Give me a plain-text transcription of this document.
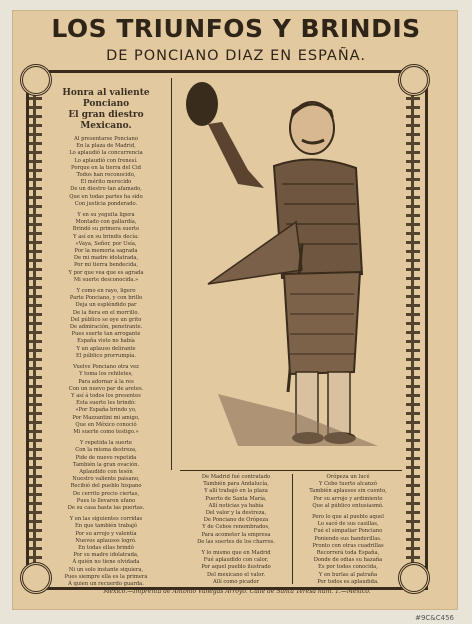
LOS TRIUNFOS Y BRINDIS
DE PONCIANO DIAZ EN ESPAÑA.

Honra al valiente Ponciano

El gran diestro Mexicano.

Al presentarse Ponciano

En la plaza de Madrid,

Lo aplaudió la concurrencia

Lo aplaudió con frenesí.

Porque en la tierra del Cid

Todos han reconocido,

El mérito merecido

De un diestro tan afamado,

Que en todas partes ha sido

Con justicia ponderado.

Y en su yeguita ligera

Montado con gallardía,

Brindó su primera suerte

Y así en su brindis decía:

«Vaya, Señor, por Usía,

Por la memoria sagrada

De mi madre idolatrada,

Por mi tierra bendecida,

Y por que vea que es agrada

Mi suerte desconocida.»

Y como en rayo, ligero

Parte Ponciano, y con brillo

Deja un espléndido par

De la fiera en el morrillo.

Del público se oye un grito

De admiración, penetrante.

Pues suerte tan arrogante

España visto no había

Y un aplauso delirante

El público prorrumpía.

Vuelve Ponciano otra vez

Y toma los rehiletes,

Para adornar á la res

Con un nuevo par de aretes.

Y así á todos los presentes

Esta suerte les brindó:

«Por España brindo yo,

Por Mazzantini mi amigo,

Que en México conoció

Mi suerte como testigo.»

Y repetida la suerte

Con la misma destreza,

Pide de nuevo repetida

También la gran ovación.

Aplaudido con tesón

Nuestro valiente paisano,

Recibió del pueblo hispano

De cerrito precio ciertas,

Pues lo llevaron ufano

De su casa hasta las puertas.

Y en las siguientes corridas

En que también trabajó

Por su arrojo y valentía

Nuevos aplausos logró.

En todas ellas brindó

Por su madre idolatrada,

Á quién no tiene olvidada

Ni un solo instante siquiera,

Pues siempre ella es la primera

Á quien un recuerdo guarda.

De Madrid fué contratado

También para Andalucía,

Y allí trabajó en la plaza

Puerto de Santa María,

Allí noticias ya había

Del valor y la destreza,

De Ponciano de Orópeza

Y de Cebos renombrados,

Para acometer la empresa

De las suertes de los charros.

Y lo mismo que en Madrid

Fué aplaudido con calor,

Por aquel pueblo ilustrado

Del mexicano el valor.

Allí como picador

Orópeza un lucé

Y Cebo tuerto alcanzó

También aplausos sin cuento,

Por su arrojo y ardimiento

Que al público entusiasmó.

Pero lo que al pueblo aquel

Lo sacó de sus casillas,

Fué el simpatiar Ponciano

Poniendo sus banderillas.

Pronto con otras cuadrillas

Recorrerá toda España,

Donde de odias su hazaña

Es por todos conocida,

Y en burlas al patraña

Por todos es aplaudida.

México.—Imprenta de Antonio Vanegas Arroyo. Calle de Santa Teresa núm. 1.—México.
#9C&C456
